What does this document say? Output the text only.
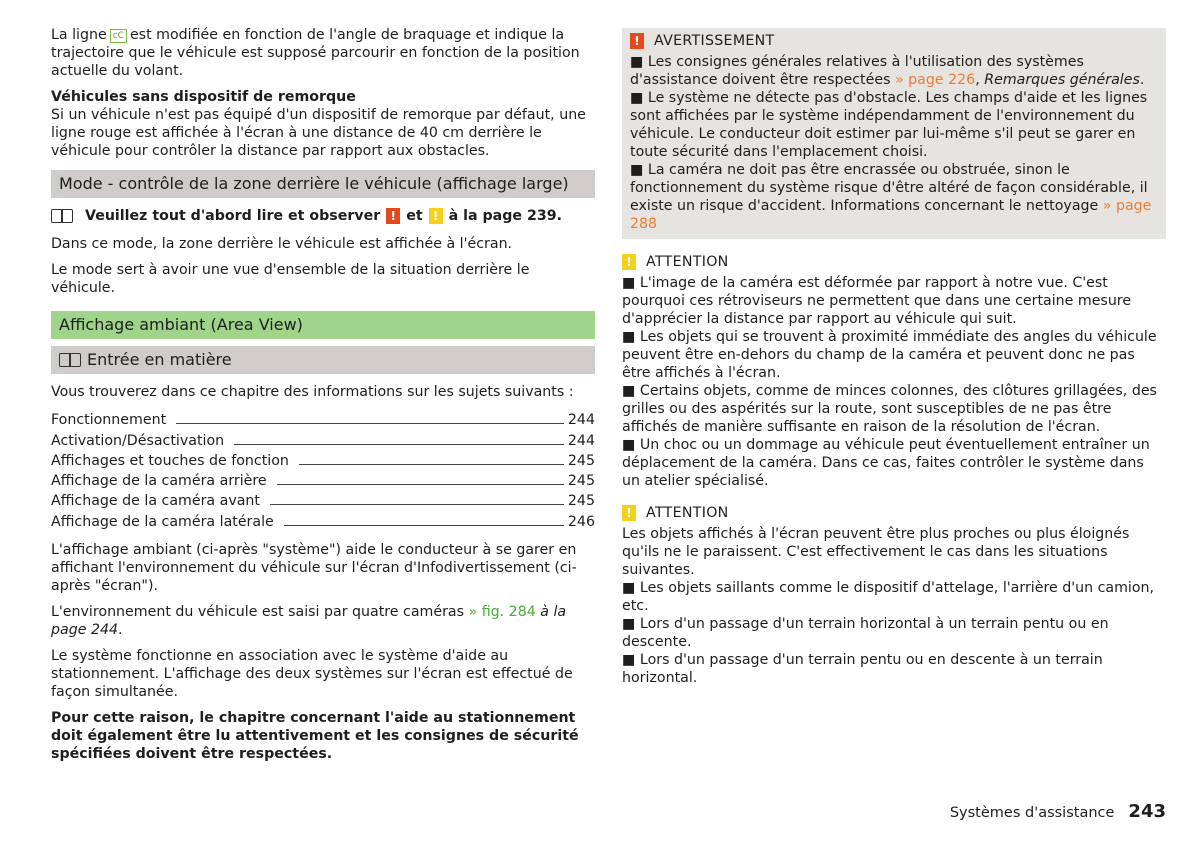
La ligne cC est modifiée en fonction de l'angle de braquage et indique la trajectoire que le véhicule est supposé parcourir en fonction de la position actuelle du volant.

Véhicules sans dispositif de remorque
Si un véhicule n'est pas équipé d'un dispositif de remorque par défaut, une ligne rouge est affichée à l'écran à une distance de 40 cm derrière le véhicule pour contrôler la distance par rapport aux obstacles.

Mode - contrôle de la zone derrière le véhicule (affichage large)
Veuillez tout d'abord lire et observer ! et ! à la page 239.

Dans ce mode, la zone derrière le véhicule est affichée à l'écran.

Le mode sert à avoir une vue d'ensemble de la situation derrière le véhicule.

Affichage ambiant (Area View)
Entrée en matière

Vous trouverez dans ce chapitre des informations sur les sujets suivants :

Fonctionnement	244
Activation/Désactivation	244
Affichages et touches de fonction	245
Affichage de la caméra arrière	245
Affichage de la caméra avant	245
Affichage de la caméra latérale	246

L'affichage ambiant (ci-après "système") aide le conducteur à se garer en affichant l'environnement du véhicule sur l'écran d'Infodivertissement (ci-après "écran").

L'environnement du véhicule est saisi par quatre caméras » fig. 284 à la page 244.

Le système fonctionne en association avec le système d'aide au stationnement. L'affichage des deux systèmes sur l'écran est effectué de façon simultanée.

Pour cette raison, le chapitre concernant l'aide au stationnement doit également être lu attentivement et les consignes de sécurité spécifiées doivent être respectées.

!	AVERTISSEMENT
■ Les consignes générales relatives à l'utilisation des systèmes d'assistance doivent être respectées » page 226, Remarques générales.
■ Le système ne détecte pas d'obstacle. Les champs d'aide et les lignes sont affichées par le système indépendamment de l'environnement du véhicule. Le conducteur doit estimer par lui-même s'il peut se garer en toute sécurité dans l'emplacement choisi.
■ La caméra ne doit pas être encrassée ou obstruée, sinon le fonctionnement du système risque d'être altéré de façon considérable, il existe un risque d'accident. Informations concernant le nettoyage » page 288
!	ATTENTION
■ L'image de la caméra est déformée par rapport à notre vue. C'est pourquoi ces rétroviseurs ne permettent que dans une certaine mesure d'apprécier la distance par rapport au véhicule qui suit.
■ Les objets qui se trouvent à proximité immédiate des angles du véhicule peuvent être en-dehors du champ de la caméra et peuvent donc ne pas être affichés à l'écran.
■ Certains objets, comme de minces colonnes, des clôtures grillagées, des grilles ou des aspérités sur la route, sont susceptibles de ne pas être affichés de manière suffisante en raison de la résolution de l'écran.
■ Un choc ou un dommage au véhicule peut éventuellement entraîner un déplacement de la caméra. Dans ce cas, faites contrôler le système dans un atelier spécialisé.
!	ATTENTION
Les objets affichés à l'écran peuvent être plus proches ou plus éloignés qu'ils ne le paraissent. C'est effectivement le cas dans les situations suivantes.
■ Les objets saillants comme le dispositif d'attelage, l'arrière d'un camion, etc.
■ Lors d'un passage d'un terrain horizontal à un terrain pentu ou en descente.
■ Lors d'un passage d'un terrain pentu ou en descente à un terrain horizontal.
Systèmes d'assistance 243
